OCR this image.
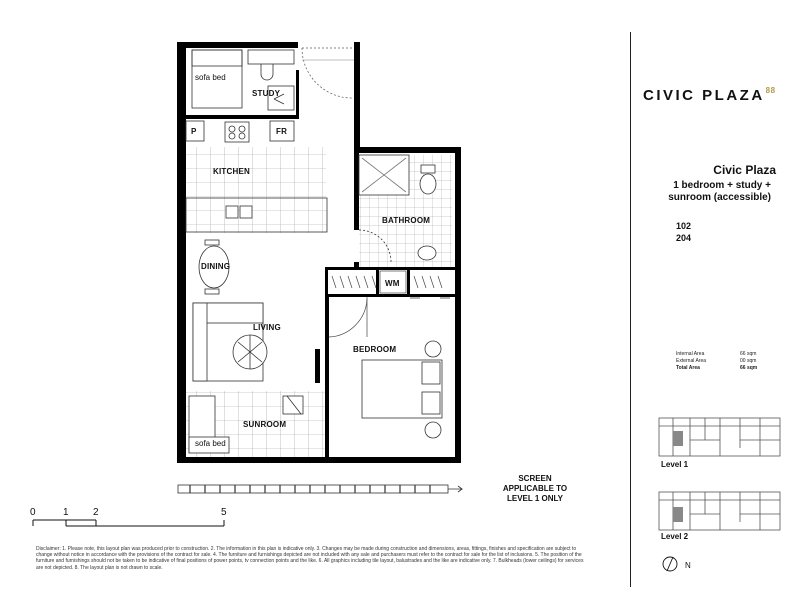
STUDY
KITCHEN
DINING
LIVING
SUNROOM
BATHROOM
BEDROOM
WM
sofa bed
sofa bed
P	FR
SCREEN APPLICABLE TO LEVEL 1 ONLY
0	1 2	5
Disclaimer: 1. Please note, this layout plan was produced prior to construction. 2. The information in this plan is indicative only. 3. Changes may be made during construction and dimensions, areas, fittings, finishes and specification are subject to change without notice in accordance with the provisions of the contract for sale. 4. The furniture and furnishings depicted are not included with any sale and purchasers must refer to the contract for sale for the list of inclusions. 5. The position of the furniture and furnishings should not be taken to be indicative of final positions of power points, tv connection points and the like. 6. All graphics including tile layout, balustrades and the like are indicative only. 7. Bulkheads (lower ceilings) for services are not depicted. 8. The layout plan is not drawn to scale.
CIVIC PLAZA$^{88}$
Civic Plaza
1 bedroom + study +
sunroom (accessible)
102
204
Internal Area	66 sqm
External Area	00 sqm
Total Area	66 sqm
Level 1
Level 2
N
